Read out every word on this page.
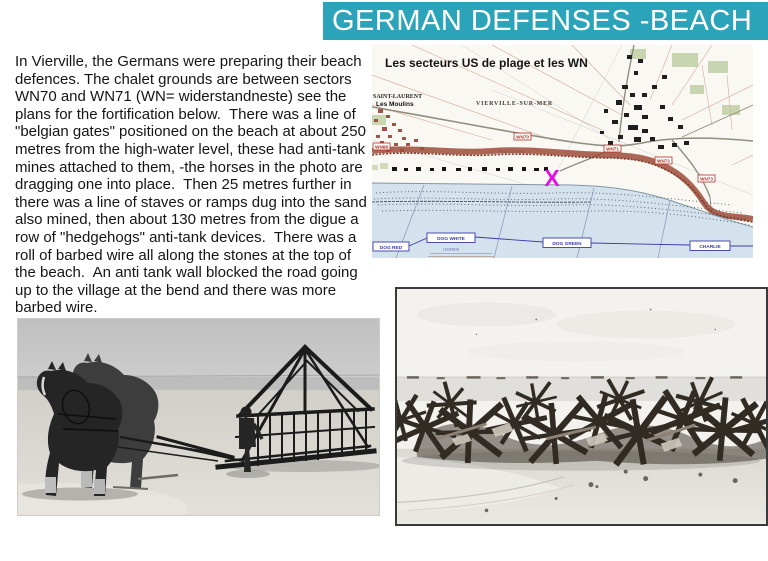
GERMAN DEFENSES -BEACH
In Vierville, the Germans were preparing their beach defences. The chalet grounds are between sectors WN70 and WN71 (WN= widerstandneste) see the plans for the fortification below.  There was a line of "belgian gates" positioned on the beach at about 250 metres from the high-water level, these had anti-tank mines attached to them, -the horses in the photo are dragging one into place.  Then 25 metres further in there was a line of staves or ramps dug into the sand also mined, then about 130 metres from the digue a row of "hedgehogs" anti-tank devices.  There was a roll of barbed wire all along the stones at the top of the beach.  An anti tank wall blocked the road going up to the village at the bend and there was more barbed wire.
DOG RED
DOG WHITE
DOG GREEN
CHARLIE
LEGENDE
WN68
WN70
WN71
WN72
WN73
Les secteurs US de plage et les WN
SAINT-LAURENT
Les Moulins	VIERVILLE-SUR-MER
Hamel au Prêtre
X
